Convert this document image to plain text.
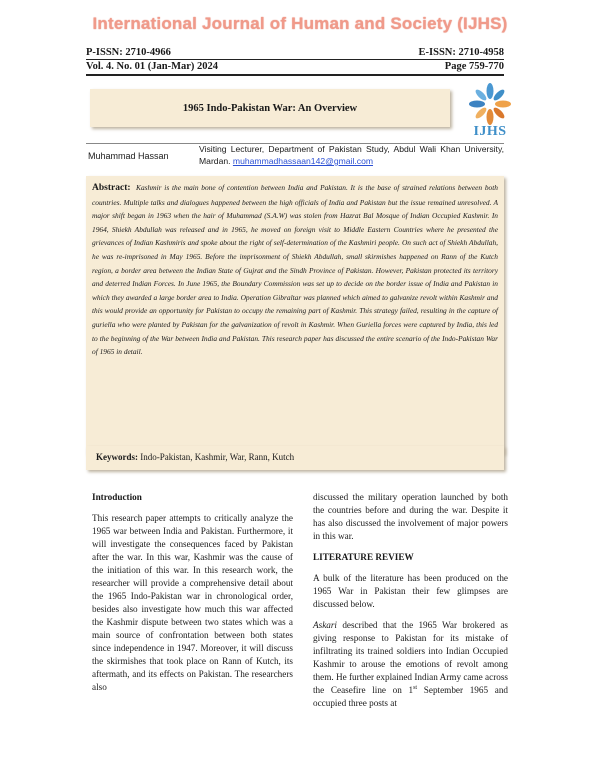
International Journal of Human and Society (IJHS)
P-ISSN: 2710-4966	E-ISSN: 2710-4958
Vol. 4. No. 01 (Jan-Mar) 2024	Page 759-770
1965 Indo-Pakistan War: An Overview
IJHS
Muhammad Hassan
Visiting Lecturer, Department of Pakistan Study, Abdul Wali Khan University, Mardan. muhammadhassaan142@gmail.com
Abstract: Kashmir is the main bone of contention between India and Pakistan. It is the base of strained relations between both countries. Multiple talks and dialogues happened between the high officials of India and Pakistan but the issue remained unresolved. A major shift began in 1963 when the hair of Muhammad (S.A.W) was stolen from Hazrat Bal Mosque of Indian Occupied Kashmir. In 1964, Shiekh Abdullah was released and in 1965, he moved on foreign visit to Middle Eastern Countries where he presented the grievances of Indian Kashmiris and spoke about the right of self-determination of the Kashmiri people. On such act of Shiekh Abdullah, he was re-imprisoned in May 1965. Before the imprisonment of Shiekh Abdullah, small skirmishes happened on Rann of the Kutch region, a border area between the Indian State of Gujrat and the Sindh Province of Pakistan. However, Pakistan protected its territory and deterred Indian Forces. In June 1965, the Boundary Commission was set up to decide on the border issue of India and Pakistan in which they awarded a large border area to India. Operation Gibraltar was planned which aimed to galvanize revolt within Kashmir and this would provide an opportunity for Pakistan to occupy the remaining part of Kashmir. This strategy failed, resulting in the capture of guriella who were planted by Pakistan for the galvanization of revolt in Kashmir. When Guriella forces were captured by India, this led to the beginning of the War between India and Pakistan. This research paper has discussed the entire scenario of the Indo-Pakistan War of 1965 in detail.
Keywords: Indo-Pakistan, Kashmir, War, Rann, Kutch
Introduction

This research paper attempts to critically analyze the 1965 war between India and Pakistan. Furthermore, it will investigate the consequences faced by Pakistan after the war. In this war, Kashmir was the cause of the initiation of this war. In this research work, the researcher will provide a comprehensive detail about the 1965 Indo-Pakistan war in chronological order, besides also investigate how much this war affected the Kashmir dispute between two states which was a main source of confrontation between both states since independence in 1947. Moreover, it will discuss the skirmishes that took place on Rann of Kutch, its aftermath, and its effects on Pakistan. The researchers also

discussed the military operation launched by both the countries before and during the war. Despite it has also discussed the involvement of major powers in this war.

LITERATURE REVIEW

A bulk of the literature has been produced on the 1965 War in Pakistan their few glimpses are discussed below.

Askari described that the 1965 War brokered as giving response to Pakistan for its mistake of infiltrating its trained soldiers into Indian Occupied Kashmir to arouse the emotions of revolt among them. He further explained Indian Army came across the Ceasefire line on 1st September 1965 and occupied three posts at
